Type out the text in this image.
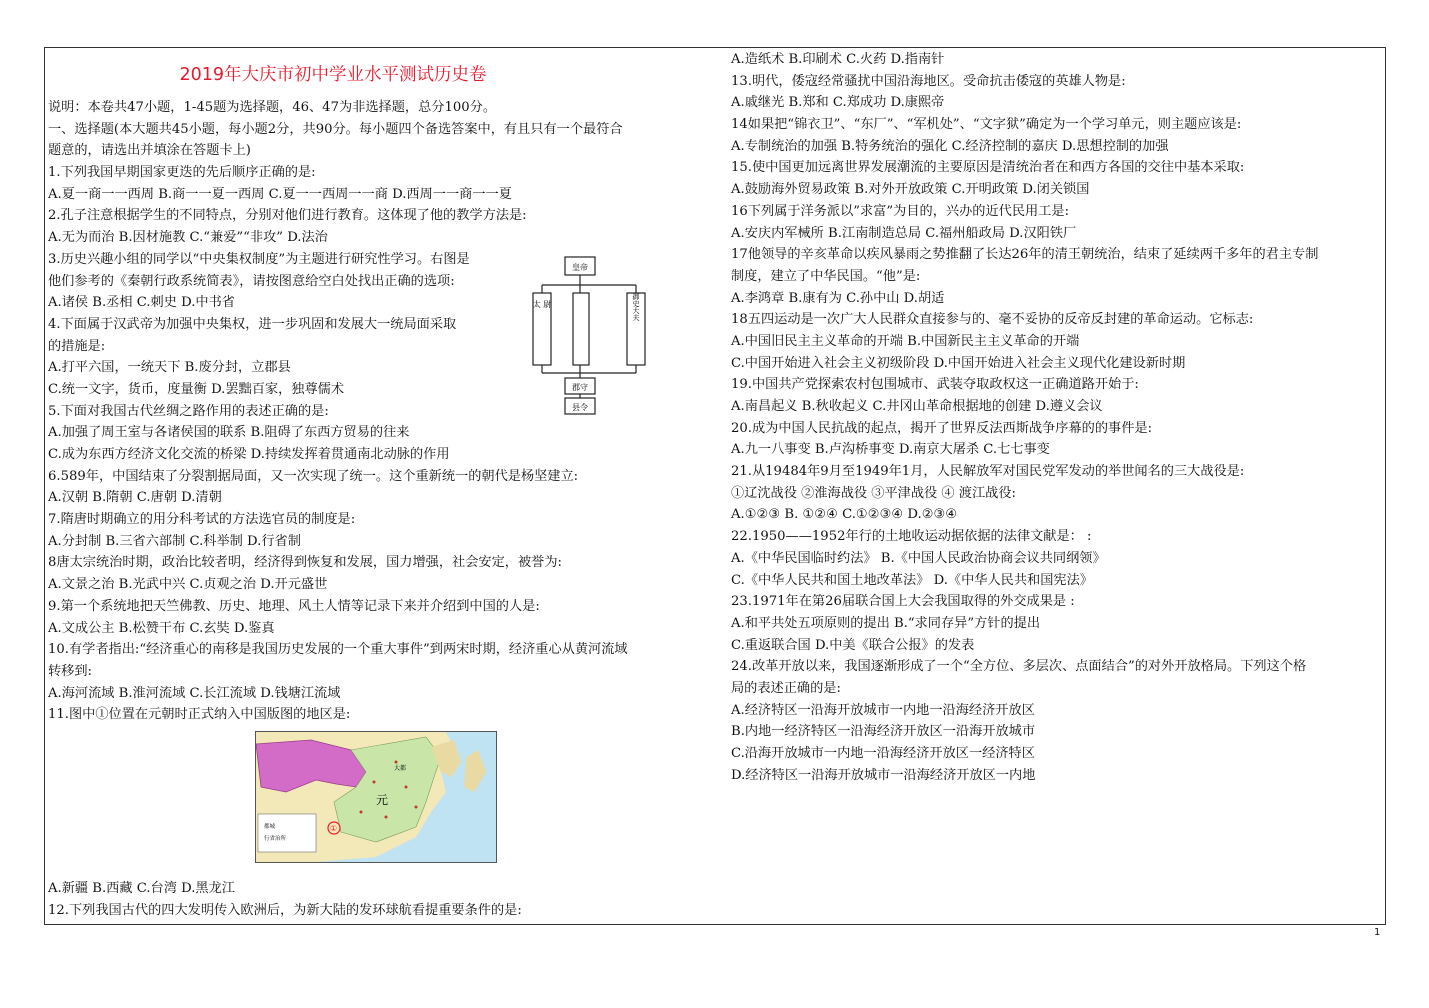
2019年大庆市初中学业水平测试历史卷
说明：本卷共47小题，1-45题为选择题，46、47为非选择题，总分100分。
一、选择题(本大题共45小题，每小题2分，共90分。每小题四个备选答案中，有且只有一个最符合
题意的，请选出并填涂在答题卡上)
1.下列我国早期国家更迭的先后顺序正确的是:
A.夏一商一一西周 B.商一一夏一西周 C.夏一一西周一一商 D.西周一一商一一夏
2.孔子注意根据学生的不同特点，分别对他们进行教育。这体现了他的教学方法是:
A.无为而治 B.因材施教 C.“兼爱”“非攻” D.法治
3.历史兴趣小组的同学以“中央集权制度”为主题进行研究性学习。右图是
他们参考的《秦朝行政系统简表》，请按图意给空白处找出正确的选项:
A.诸侯 B.丞相 C.刺史 D.中书省
4.下面属于汉武帝为加强中央集权，进一步巩固和发展大一统局面采取
的措施是:
A.打平六国，一统天下 B.废分封，立郡县
C.统一文字，货币，度量衡 D.罢黜百家，独尊儒术
5.下面对我国古代丝绸之路作用的表述正确的是:
A.加强了周王室与各诸侯国的联系 B.阻碍了东西方贸易的往来
C.成为东西方经济文化交流的桥梁 D.持续发挥着贯通南北动脉的作用
6.589年，中国结束了分裂割据局面，又一次实现了统一。这个重新统一的朝代是杨坚建立:
A.汉朝 B.隋朝 C.唐朝 D.清朝
7.隋唐时期确立的用分科考试的方法选官员的制度是:
A.分封制 B.三省六部制 C.科举制 D.行省制
8唐太宗统治时期，政治比较者明，经济得到恢复和发展，国力增强，社会安定，被誉为:
A.文景之治 B.光武中兴 C.贞观之治 D.开元盛世
9.第一个系统地把天竺佛教、历史、地理、风土人情等记录下来并介绍到中国的人是:
A.文成公主 B.松赞干布 C.玄奘 D.鉴真
10.有学者指出:“经济重心的南移是我国历史发展的一个重大事件”到两宋时期，经济重心从黄河流域
转移到:
A.海河流域 B.淮河流域 C.长江流域 D.钱塘江流域
11.图中①位置在元朝时正式纳入中国版图的地区是:
A.新疆 B.西藏 C.台湾 D.黑龙江
12.下列我国古代的四大发明传入欧洲后，为新大陆的发环球航看提重要条件的是:
A.造纸术 B.印刷术 C.火药 D.指南针
13.明代，倭寇经常骚扰中国沿海地区。受命抗击倭寇的英雄人物是:
A.戚继光 B.郑和 C.郑成功 D.康熙帝
14如果把“锦衣卫”、“东厂”、“军机处”、“文字狱”确定为一个学习单元，则主题应该是:
A.专制统治的加强 B.特务统治的强化 C.经济控制的嘉庆 D.思想控制的加强
15.使中国更加远离世界发展潮流的主要原因是清统治者在和西方各国的交往中基本采取:
A.鼓励海外贸易政策 B.对外开放政策 C.开明政策 D.闭关锁国
16下列属于洋务派以”求富”为目的，兴办的近代民用工是:
A.安庆内军械所 B.江南制造总局 C.福州船政局 D.汉阳铁厂
17他领导的辛亥革命以疾风暴雨之势推翻了长达26年的清王朝统治，结束了延续两千多年的君主专制
制度，建立了中华民国。“他”是:
A.李鸿章 B.康有为 C.孙中山 D.胡适
18五四运动是一次广大人民群众直接参与的、毫不妥协的反帝反封建的革命运动。它标志:
A.中国旧民主主义革命的开端 B.中国新民主主义革命的开端
C.中国开始进入社会主义初级阶段 D.中国开始进入社会主义现代化建设新时期
19.中国共产党探索农村包围城市、武装夺取政权这一正确道路开始于:
A.南昌起义 B.秋收起义 C.井冈山革命根据地的创建 D.遵义会议
20.成为中国人民抗战的起点，揭开了世界反法西斯战争序幕的的事件是:
A.九一八事变 B.卢沟桥事变 D.南京大屠杀 C.七七事变
21.从19484年9月至1949年1月，人民解放军对国民党军发动的举世闻名的三大战役是:
①辽沈战役 ②淮海战役 ③平津战役 ④ 渡江战役:
A.①②③ B. ①②④ C.①②③④ D.②③④
22.1950——1952年行的土地收运动据依据的法律文献是： :
A.《中华民国临时约法》 B.《中国人民政治协商会议共同纲领》
C.《中华人民共和国土地改革法》 D.《中华人民共和国宪法》
23.1971年在第26届联合国上大会我国取得的外交成果是 :
A.和平共处五项原则的提出 B.“求同存异”方针的提出
C.重返联合国 D.中美《联合公报》的发表
24.改革开放以来，我国逐渐形成了一个“全方位、多层次、点面结合”的对外开放格局。下列这个格
局的表述正确的是:
A.经济特区一沿海开放城市一内地一沿海经济开放区
B.内地一经济特区一沿海经济开放区一沿海开放城市
C.沿海开放城市一内地一沿海经济开放区一经济特区
D.经济特区一沿海开放城市一沿海经济开放区一内地
皇帝
太 尉	御史大夫
郡守
县令
都城
行省治所
元
大都
①
1
